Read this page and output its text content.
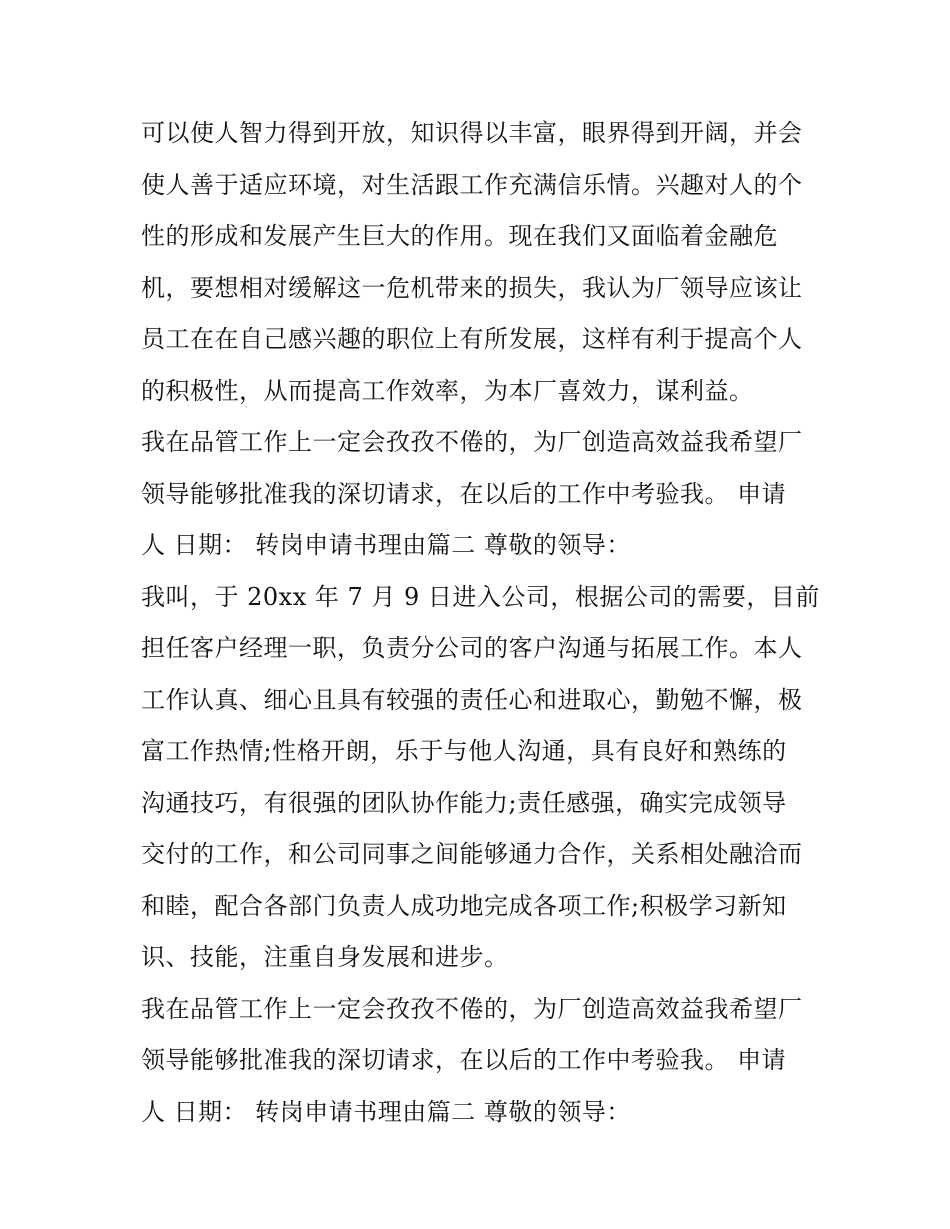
可以使人智力得到开放，知识得以丰富，眼界得到开阔，并会
使人善于适应环境，对生活跟工作充满信乐情。兴趣对人的个
性的形成和发展产生巨大的作用。现在我们又面临着金融危
机，要想相对缓解这一危机带来的损失，我认为厂领导应该让
员工在在自己感兴趣的职位上有所发展，这样有利于提高个人
的积极性，从而提高工作效率，为本厂喜效力，谋利益。
我在品管工作上一定会孜孜不倦的，为厂创造高效益我希望厂
领导能够批准我的深切请求，在以后的工作中考验我。 申请
人 日期： 转岗申请书理由篇二 尊敬的领导：
我叫，于 20xx 年 7 月 9 日进入公司，根据公司的需要，目前
担任客户经理一职，负责分公司的客户沟通与拓展工作。本人
工作认真、细心且具有较强的责任心和进取心，勤勉不懈，极
富工作热情;性格开朗，乐于与他人沟通，具有良好和熟练的
沟通技巧，有很强的团队协作能力;责任感强，确实完成领导
交付的工作，和公司同事之间能够通力合作，关系相处融洽而
和睦，配合各部门负责人成功地完成各项工作;积极学习新知
识、技能，注重自身发展和进步。
我在品管工作上一定会孜孜不倦的，为厂创造高效益我希望厂
领导能够批准我的深切请求，在以后的工作中考验我。 申请
人 日期： 转岗申请书理由篇二 尊敬的领导：
